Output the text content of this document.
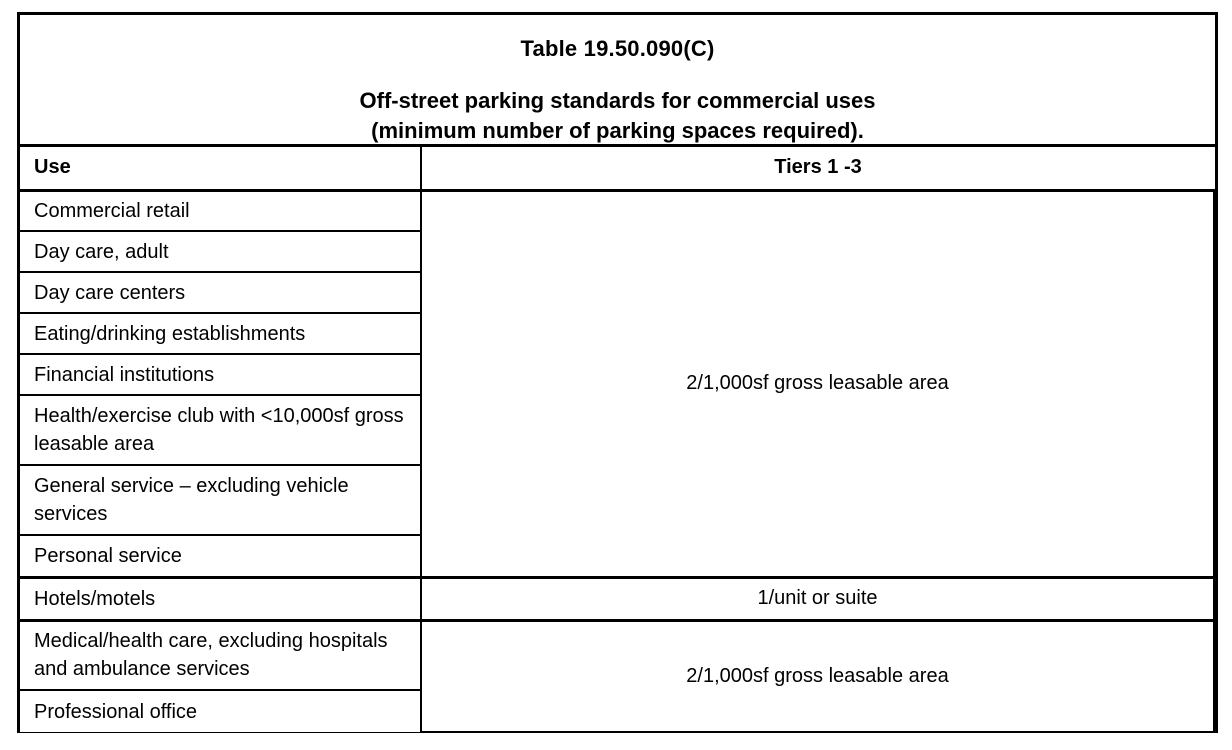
Table 19.50.090(C)
Off-street parking standards for commercial uses
(minimum number of parking spaces required).
Use	Tiers 1 -3
Commercial retail	2/1,000sf gross leasable area
Day care, adult	
Day care centers	
Eating/drinking establishments	
Financial institutions	
Health/exercise club with <10,000sf gross leasable area	
General service – excluding vehicle services	
Personal service	
Hotels/motels	1/unit or suite
Medical/health care, excluding hospitals and ambulance services	2/1,000sf gross leasable area
Professional office	
